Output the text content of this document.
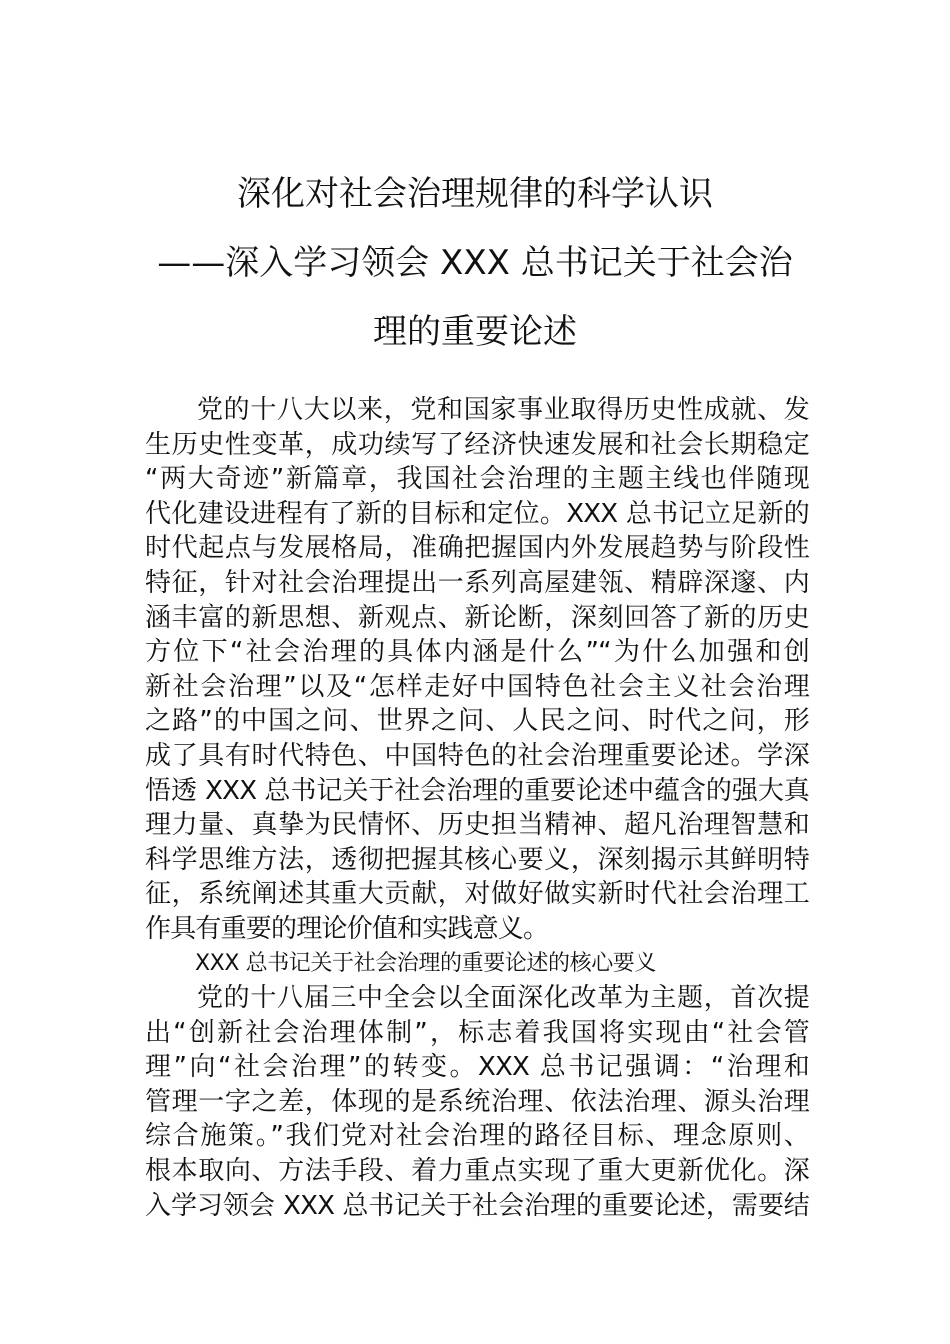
深化对社会治理规律的科学认识
——深入学习领会 XXX 总书记关于社会治
理的重要论述
党的十八大以来，党和国家事业取得历史性成就、发
生历史性变革，成功续写了经济快速发展和社会长期稳定
“两大奇迹”新篇章，我国社会治理的主题主线也伴随现
代化建设进程有了新的目标和定位。XXX 总书记立足新的
时代起点与发展格局，准确把握国内外发展趋势与阶段性
特征，针对社会治理提出一系列高屋建瓴、精辟深邃、内
涵丰富的新思想、新观点、新论断，深刻回答了新的历史
方位下“社会治理的具体内涵是什么”“为什么加强和创
新社会治理”以及“怎样走好中国特色社会主义社会治理
之路”的中国之问、世界之问、人民之问、时代之问，形
成了具有时代特色、中国特色的社会治理重要论述。学深
悟透 XXX 总书记关于社会治理的重要论述中蕴含的强大真
理力量、真挚为民情怀、历史担当精神、超凡治理智慧和
科学思维方法，透彻把握其核心要义，深刻揭示其鲜明特
征，系统阐述其重大贡献，对做好做实新时代社会治理工
作具有重要的理论价值和实践意义。
XXX 总书记关于社会治理的重要论述的核心要义
党的十八届三中全会以全面深化改革为主题，首次提
出“创新社会治理体制”，标志着我国将实现由“社会管
理”向“社会治理”的转变。XXX 总书记强调：“治理和
管理一字之差，体现的是系统治理、依法治理、源头治理
综合施策。”我们党对社会治理的路径目标、理念原则、
根本取向、方法手段、着力重点实现了重大更新优化。深
入学习领会 XXX 总书记关于社会治理的重要论述，需要结
